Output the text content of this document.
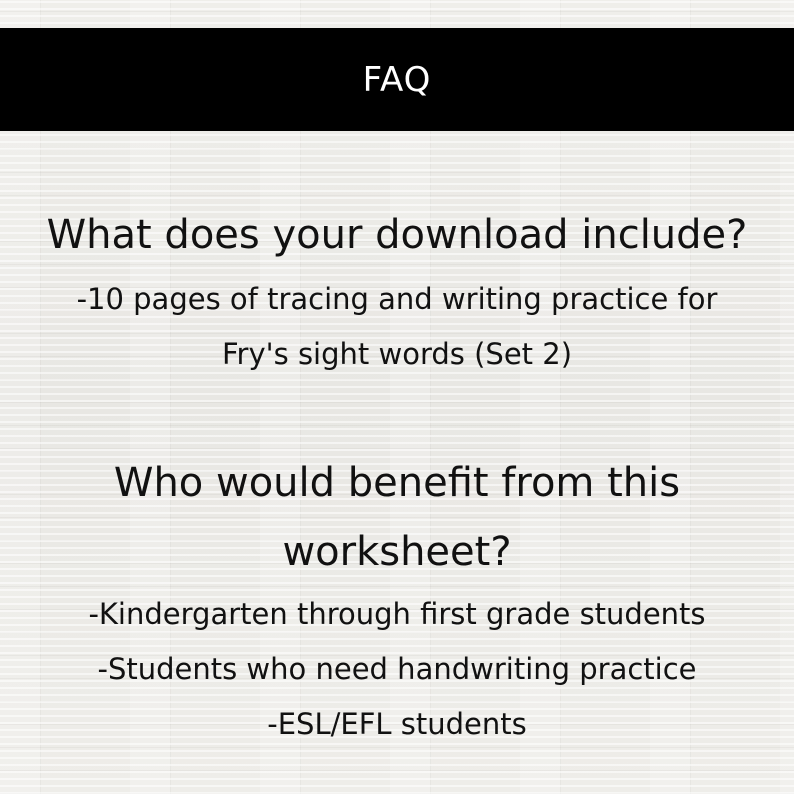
FAQ
What does your download include?
-10 pages of tracing and writing practice for
Fry's sight words (Set 2)
Who would benefit from this
worksheet?
-Kindergarten through first grade students
-Students who need handwriting practice
-ESL/EFL students
